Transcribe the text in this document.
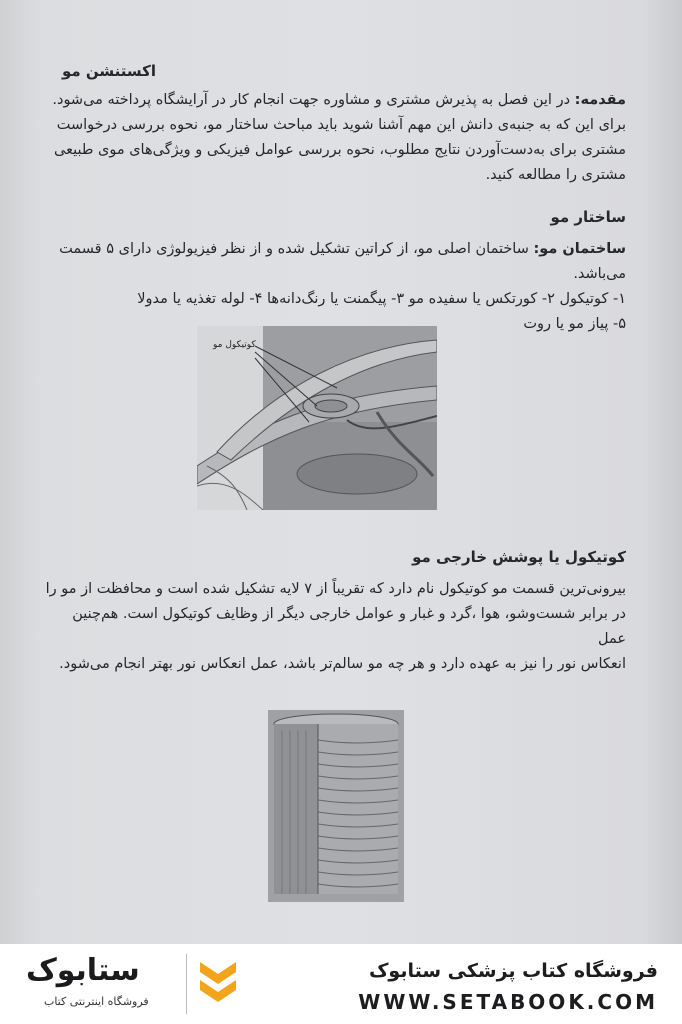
اکستنشن مو
مقدمه: در این فصل به پذیرش مشتری و مشاوره جهت انجام کار در آرایشگاه پرداخته می‌شود.
برای این که به جنبه‌ی دانش این مهم آشنا شوید باید مباحث ساختار مو، نحوه بررسی درخواست
مشتری برای به‌دست‌آوردن نتایج مطلوب، نحوه بررسی عوامل فیزیکی و ویژگی‌های موی طبیعی
مشتری را مطالعه کنید.
ساختار مو
ساختمان مو: ساختمان اصلی مو، از کراتین تشکیل شده و از نظر فیزیولوژی دارای ۵ قسمت می‌باشد.
۱- کوتیکول ۲- کورتکس یا سفیده مو ۳- پیگمنت یا رنگ‌دانه‌ها ۴- لوله تغذیه یا مدولا
۵- پیاز مو یا روت
کوتیکول مو
کوتیکول یا پوشش خارجی مو
بیرونی‌ترین قسمت مو کوتیکول نام دارد که تقریباً از ۷ لایه تشکیل شده است و محافظت از مو را
در برابر شست‌وشو، هوا ،گرد و غبار و عوامل خارجی دیگر از وظایف کوتیکول است. هم‌چنین عمل
انعکاس نور را نیز به عهده دارد و هر چه مو سالم‌تر باشد، عمل انعکاس نور بهتر انجام می‌شود.
ستابوک
فروشگاه اینترنتی کتاب
فروشگاه کتاب پزشکی ستابوک
WWW.SETABOOK.COM
